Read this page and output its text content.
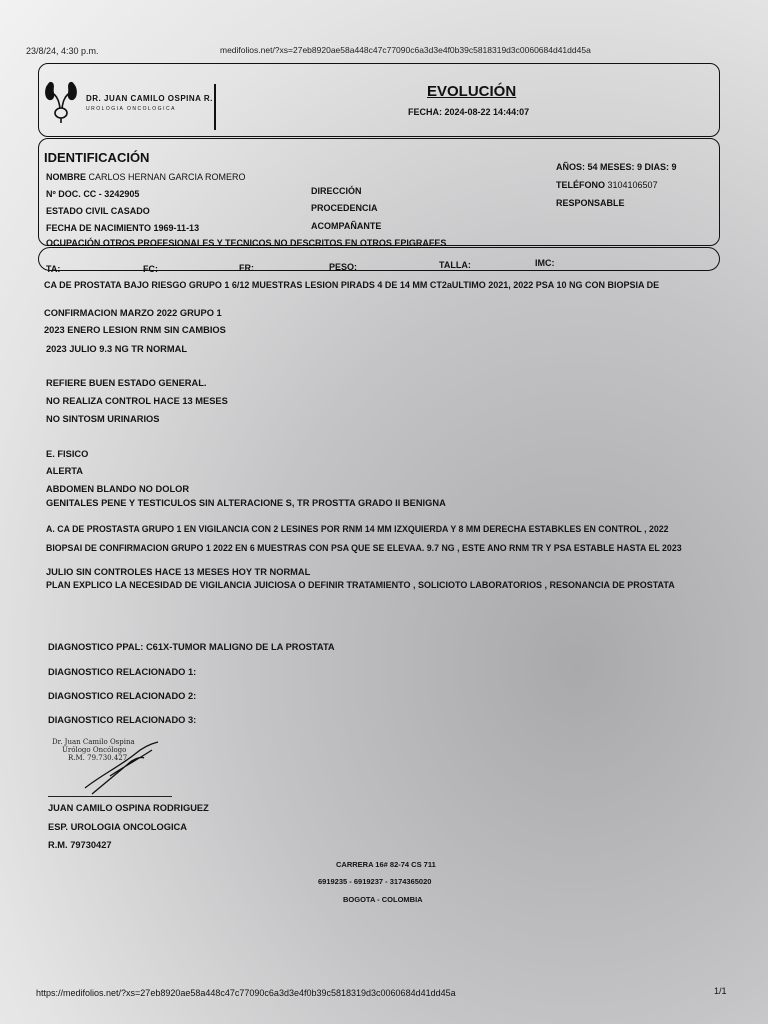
23/8/24, 4:30 p.m.	medifolios.net/?xs=27eb8920ae58a448c47c77090c6a3d3e4f0b39c5818319d3c0060684d41dd45a
DR. JUAN CAMILO OSPINA R.
UROLOGIA ONCOLOGICA
EVOLUCIÓN
FECHA: 2024-08-22 14:44:07
IDENTIFICACIÓN
NOMBRE CARLOS HERNAN GARCIA ROMERO
Nº DOC. CC - 3242905
ESTADO CIVIL CASADO
FECHA DE NACIMIENTO 1969-11-13
OCUPACIÓN OTROS PROFESIONALES Y TECNICOS NO DESCRITOS EN OTROS EPIGRAFES
DIRECCIÓN
PROCEDENCIA
ACOMPAÑANTE
AÑOS: 54 MESES: 9 DIAS: 9
TELÉFONO 3104106507
RESPONSABLE
TA:	FC:	FR:	PESO:	TALLA:	IMC:
CA DE PROSTATA BAJO RIESGO GRUPO 1 6/12 MUESTRAS LESION PIRADS 4 DE 14 MM CT2aULTIMO 2021, 2022 PSA 10 NG CON BIOPSIA DE
CONFIRMACION MARZO 2022 GRUPO 1
2023 ENERO LESION RNM SIN CAMBIOS
2023 JULIO 9.3 NG TR NORMAL
REFIERE BUEN ESTADO GENERAL.
NO REALIZA CONTROL HACE 13 MESES
NO SINTOSM URINARIOS
E. FISICO
ALERTA
ABDOMEN BLANDO NO DOLOR
GENITALES PENE Y TESTICULOS SIN ALTERACIONE S, TR PROSTTA GRADO II BENIGNA
A. CA DE PROSTASTA GRUPO 1 EN VIGILANCIA CON 2 LESINES POR RNM 14 MM IZXQUIERDA Y 8 MM DERECHA ESTABKLES EN CONTROL , 2022
BIOPSAI DE CONFIRMACION GRUPO 1 2022 EN 6 MUESTRAS CON PSA QUE SE ELEVAA. 9.7 NG , ESTE ANO RNM TR Y PSA ESTABLE HASTA EL 2023
JULIO SIN CONTROLES HACE 13 MESES HOY TR NORMAL
PLAN EXPLICO LA NECESIDAD DE VIGILANCIA JUICIOSA O DEFINIR TRATAMIENTO , SOLICIOTO LABORATORIOS , RESONANCIA DE PROSTATA
DIAGNOSTICO PPAL: C61X-TUMOR MALIGNO DE LA PROSTATA
DIAGNOSTICO RELACIONADO 1:
DIAGNOSTICO RELACIONADO 2:
DIAGNOSTICO RELACIONADO 3:
Dr. Juan Camilo Ospina
Urólogo Oncólogo
R.M. 79.730.427
JUAN CAMILO OSPINA RODRIGUEZ
ESP. UROLOGIA ONCOLOGICA
R.M. 79730427
CARRERA 16# 82-74 CS 711
6919235 - 6919237 - 3174365020
BOGOTA - COLOMBIA
https://medifolios.net/?xs=27eb8920ae58a448c47c77090c6a3d3e4f0b39c5818319d3c0060684d41dd45a	1/1
